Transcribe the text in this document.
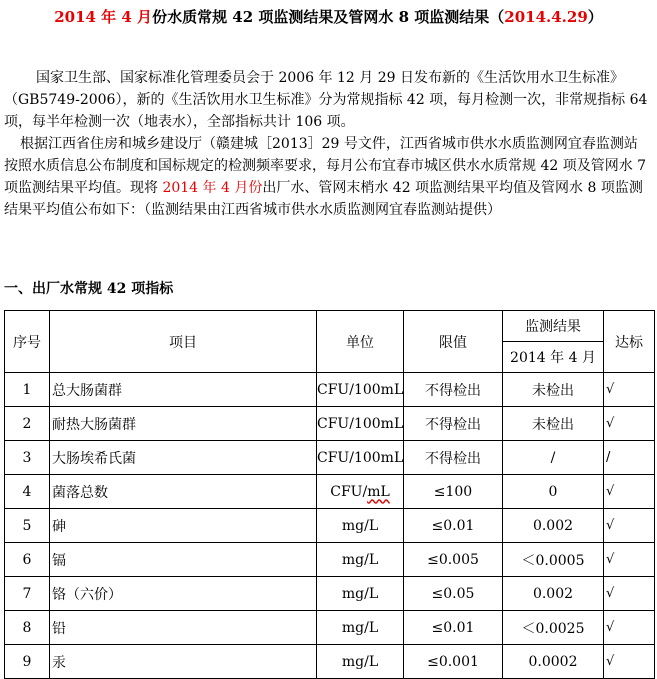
2014 年 4 月份水质常规 42 项监测结果及管网水 8 项监测结果（2014.4.29）

国家卫生部、国家标准化管理委员会于 2006 年 12 月 29 日发布新的《生活饮用水卫生标准》（GB5749-2006），新的《生活饮用水卫生标准》分为常规指标 42 项，每月检测一次，非常规指标 64 项，每半年检测一次（地表水），全部指标共计 106 项。

根据江西省住房和城乡建设厅（赣建城［2013］29 号文件，江西省城市供水水质监测网宜春监测站按照水质信息公布制度和国标规定的检测频率要求，每月公布宜春市城区供水水质常规 42 项及管网水 7 项监测结果平均值。现将 2014 年 4 月份出厂水、管网末梢水 42 项监测结果平均值及管网水 8 项监测结果平均值公布如下：（监测结果由江西省城市供水水质监测网宜春监测站提供）

一、出厂水常规 42 项指标
序号	项目	单位	限值	监测结果	达标
				2014 年 4 月	
1	总大肠菌群	CFU/100mL	不得检出	未检出	√
2	耐热大肠菌群	CFU/100mL	不得检出	未检出	√
3	大肠埃希氏菌	CFU/100mL	不得检出	/	/
4	菌落总数	CFU/mL	≤100	0	√
5	砷	mg/L	≤0.01	0.002	√
6	镉	mg/L	≤0.005	＜0.0005	√
7	铬（六价）	mg/L	≤0.05	0.002	√
8	铅	mg/L	≤0.01	＜0.0025	√
9	汞	mg/L	≤0.001	0.0002	√
